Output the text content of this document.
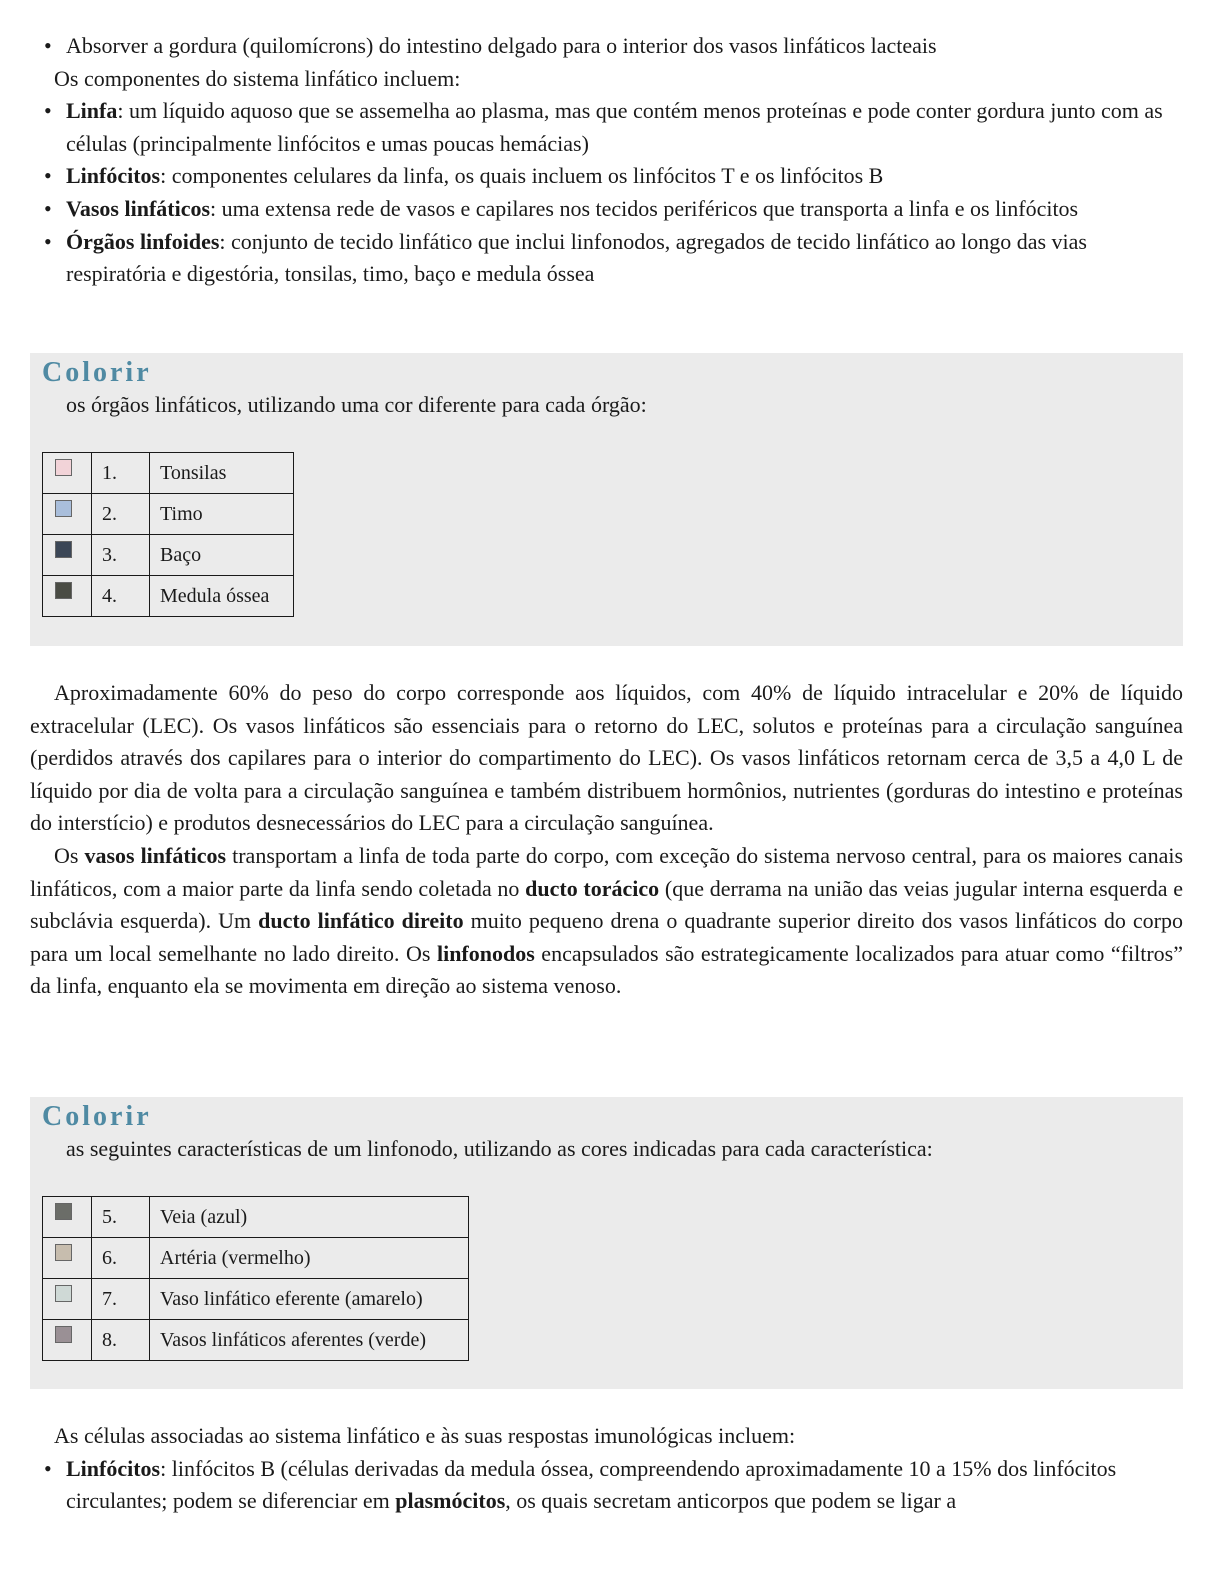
• Absorver a gordura (quilomícrons) do intestino delgado para o interior dos vasos linfáticos lacteais

Os componentes do sistema linfático incluem:

• Linfa: um líquido aquoso que se assemelha ao plasma, mas que contém menos proteínas e pode conter gordura junto com as células (principalmente linfócitos e umas poucas hemácias)

• Linfócitos: componentes celulares da linfa, os quais incluem os linfócitos T e os linfócitos B

• Vasos linfáticos: uma extensa rede de vasos e capilares nos tecidos periféricos que transporta a linfa e os linfócitos

• Órgãos linfoides: conjunto de tecido linfático que inclui linfonodos, agregados de tecido linfático ao longo das vias respiratória e digestória, tonsilas, timo, baço e medula óssea

Colorir

os órgãos linfáticos, utilizando uma cor diferente para cada órgão:

	1.	Tonsilas
	2.	Timo
	3.	Baço
	4.	Medula óssea

Aproximadamente 60% do peso do corpo corresponde aos líquidos, com 40% de líquido intracelular e 20% de líquido extracelular (LEC). Os vasos linfáticos são essenciais para o retorno do LEC, solutos e proteínas para a circulação sanguínea (perdidos através dos capilares para o interior do compartimento do LEC). Os vasos linfáticos retornam cerca de 3,5 a 4,0 L de líquido por dia de volta para a circulação sanguínea e também distribuem hormônios, nutrientes (gorduras do intestino e proteínas do interstício) e produtos desnecessários do LEC para a circulação sanguínea.

Os vasos linfáticos transportam a linfa de toda parte do corpo, com exceção do sistema nervoso central, para os maiores canais linfáticos, com a maior parte da linfa sendo coletada no ducto torácico (que derrama na união das veias jugular interna esquerda e subclávia esquerda). Um ducto linfático direito muito pequeno drena o quadrante superior direito dos vasos linfáticos do corpo para um local semelhante no lado direito. Os linfonodos encapsulados são estrategicamente localizados para atuar como “filtros” da linfa, enquanto ela se movimenta em direção ao sistema venoso.

Colorir

as seguintes características de um linfonodo, utilizando as cores indicadas para cada característica:

	5.	Veia (azul)
	6.	Artéria (vermelho)
	7.	Vaso linfático eferente (amarelo)
	8.	Vasos linfáticos aferentes (verde)

As células associadas ao sistema linfático e às suas respostas imunológicas incluem:

• Linfócitos: linfócitos B (células derivadas da medula óssea, compreendendo aproximadamente 10 a 15% dos linfócitos circulantes; podem se diferenciar em plasmócitos, os quais secretam anticorpos que podem se ligar a
